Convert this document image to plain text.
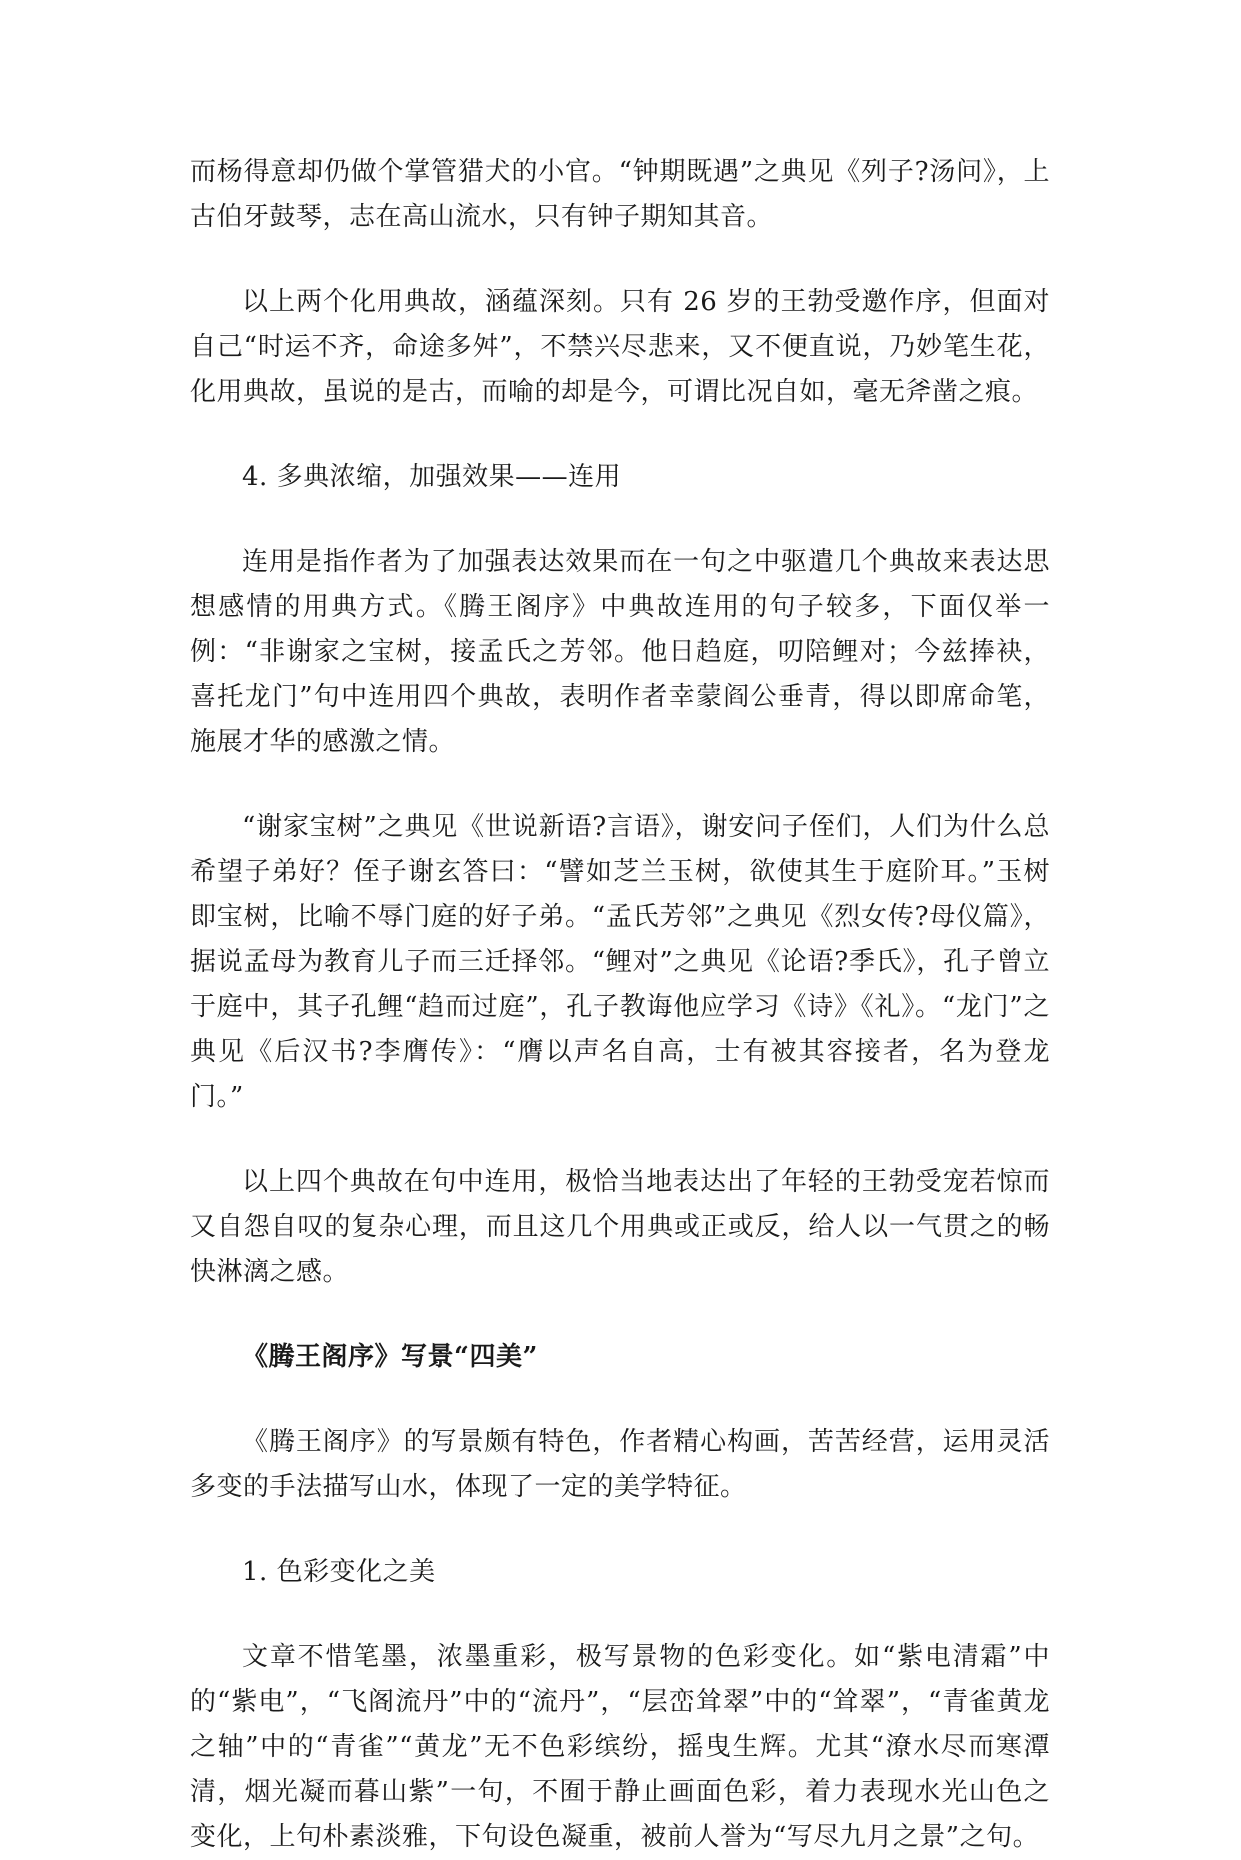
而杨得意却仍做个掌管猎犬的小官。“钟期既遇”之典见《列子?汤问》，上古伯牙鼓琴，志在高山流水，只有钟子期知其音。

以上两个化用典故，涵蕴深刻。只有 26 岁的王勃受邀作序，但面对自己“时运不齐，命途多舛”，不禁兴尽悲来，又不便直说，乃妙笔生花，化用典故，虽说的是古，而喻的却是今，可谓比况自如，毫无斧凿之痕。

4. 多典浓缩，加强效果——连用

连用是指作者为了加强表达效果而在一句之中驱遣几个典故来表达思想感情的用典方式。《腾王阁序》中典故连用的句子较多，下面仅举一例：“非谢家之宝树，接孟氏之芳邻。他日趋庭，叨陪鲤对；今兹捧袂，喜托龙门”句中连用四个典故，表明作者幸蒙阎公垂青，得以即席命笔，施展才华的感激之情。

“谢家宝树”之典见《世说新语?言语》，谢安问子侄们，人们为什么总希望子弟好？侄子谢玄答曰：“譬如芝兰玉树，欲使其生于庭阶耳。”玉树即宝树，比喻不辱门庭的好子弟。“孟氏芳邻”之典见《烈女传?母仪篇》，据说孟母为教育儿子而三迁择邻。“鲤对”之典见《论语?季氏》，孔子曾立于庭中，其子孔鲤“趋而过庭”，孔子教诲他应学习《诗》《礼》。“龙门”之典见《后汉书?李膺传》：“膺以声名自高，士有被其容接者，名为登龙门。”

以上四个典故在句中连用，极恰当地表达出了年轻的王勃受宠若惊而又自怨自叹的复杂心理，而且这几个用典或正或反，给人以一气贯之的畅快淋漓之感。

《腾王阁序》写景“四美”

《腾王阁序》的写景颇有特色，作者精心构画，苦苦经营，运用灵活多变的手法描写山水，体现了一定的美学特征。

1. 色彩变化之美

文章不惜笔墨，浓墨重彩，极写景物的色彩变化。如“紫电清霜”中的“紫电”，“飞阁流丹”中的“流丹”，“层峦耸翠”中的“耸翠”，“青雀黄龙之轴”中的“青雀”“黄龙”无不色彩缤纷，摇曳生辉。尤其“潦水尽而寒潭清，烟光凝而暮山紫”一句，不囿于静止画面色彩，着力表现水光山色之变化，上句朴素淡雅，下句设色凝重，被前人誉为“写尽九月之景”之句。
